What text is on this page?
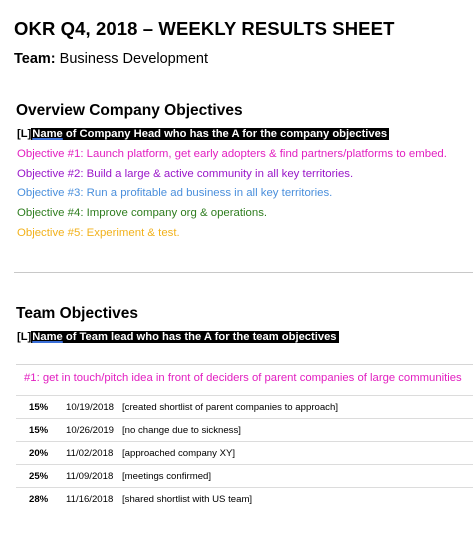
OKR Q4, 2018 – WEEKLY RESULTS SHEET
Team: Business Development
Overview Company Objectives
[L]Name of Company Head who has the A for the company objectives
Objective #1: Launch platform, get early adopters & find partners/platforms to embed.
Objective #2: Build a large & active community in all key territories.
Objective #3: Run a profitable ad business in all key territories.
Objective #4: Improve company org & operations.
Objective #5: Experiment & test.
Team Objectives
[L]Name of Team lead who has the A for the team objectives
#1: get in touch/pitch idea in front of deciders of parent companies of large communities
15% 10/19/2018 [created shortlist of parent companies to approach]
15% 10/26/2019 [no change due to sickness]
20% 11/02/2018 [approached company XY]
25% 11/09/2018 [meetings confirmed]
28% 11/16/2018 [shared shortlist with US team]
